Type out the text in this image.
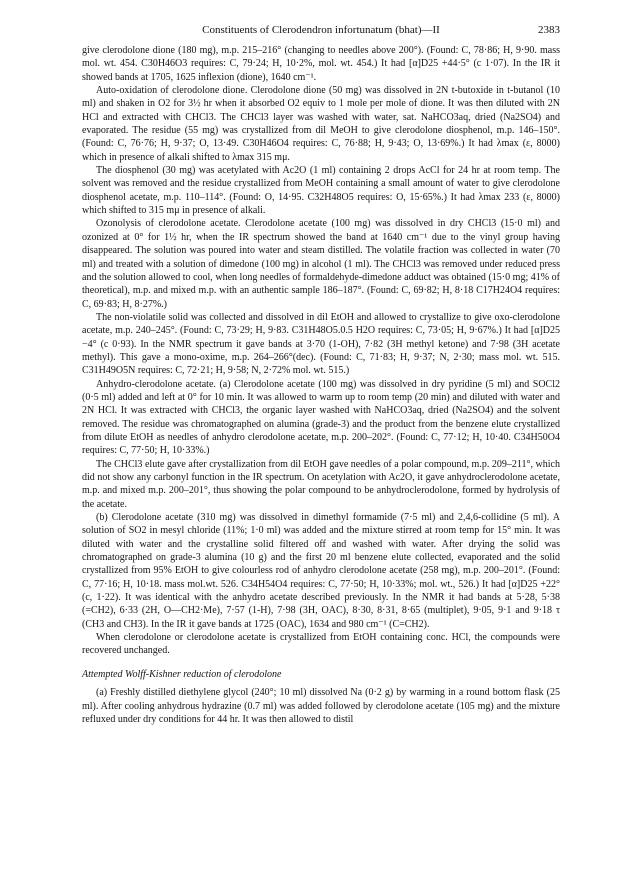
Constituents of Clerodendron infortunatum (bhat)—II	2383

give clerodolone dione (180 mg), m.p. 215–216° (changing to needles above 200°). (Found: C, 78·86; H, 9·90. mass mol. wt. 454. C30H46O3 requires: C, 79·24; H, 10·2%, mol. wt. 454.) It had [α]D25 +44·5° (c 1·07). In the IR it showed bands at 1705, 1625 inflexion (dione), 1640 cm⁻¹.

Auto-oxidation of clerodolone dione. Clerodolone dione (50 mg) was dissolved in 2N t-butoxide in t-butanol (10 ml) and shaken in O2 for 3½ hr when it absorbed O2 equiv to 1 mole per mole of dione. It was then diluted with 2N HCl and extracted with CHCl3. The CHCl3 layer was washed with water, sat. NaHCO3aq, dried (Na2SO4) and evaporated. The residue (55 mg) was crystallized from dil MeOH to give clerodolone diosphenol, m.p. 146–150°. (Found: C, 76·76; H, 9·37; O, 13·49. C30H46O4 requires: C, 76·88; H, 9·43; O, 13·69%.) It had λmax (ε, 8000) which in presence of alkali shifted to λmax 315 mμ.

The diosphenol (30 mg) was acetylated with Ac2O (1 ml) containing 2 drops AcCl for 24 hr at room temp. The solvent was removed and the residue crystallized from MeOH containing a small amount of water to give clerodolone diosphenol acetate, m.p. 110–114°. (Found: O, 14·95. C32H48O5 requires: O, 15·65%.) It had λmax 233 (ε, 8000) which shifted to 315 mμ in presence of alkali.

Ozonolysis of clerodolone acetate. Clerodolone acetate (100 mg) was dissolved in dry CHCl3 (15·0 ml) and ozonized at 0° for 1½ hr, when the IR spectrum showed the band at 1640 cm⁻¹ due to the vinyl group having disappeared. The solution was poured into water and steam distilled. The volatile fraction was collected in water (70 ml) and treated with a solution of dimedone (100 mg) in alcohol (1 ml). The CHCl3 was removed under reduced press and the solution allowed to cool, when long needles of formaldehyde-dimedone adduct was obtained (15·0 mg; 41% of theoretical), m.p. and mixed m.p. with an authentic sample 186–187°. (Found: C, 69·82; H, 8·18 C17H24O4 requires: C, 69·83; H, 8·27%.)

The non-violatile solid was collected and dissolved in dil EtOH and allowed to crystallize to give oxo-clerodolone acetate, m.p. 240–245°. (Found: C, 73·29; H, 9·83. C31H48O5.0.5 H2O requires: C, 73·05; H, 9·67%.) It had [α]D25 −4° (c 0·93). In the NMR spectrum it gave bands at 3·70 (1-OH), 7·82 (3H methyl ketone) and 7·98 (3H acetate methyl). This gave a mono-oxime, m.p. 264–266°(dec). (Found: C, 71·83; H, 9·37; N, 2·30; mass mol. wt. 515. C31H49O5N requires: C, 72·21; H, 9·58; N, 2·72% mol. wt. 515.)

Anhydro-clerodolone acetate. (a) Clerodolone acetate (100 mg) was dissolved in dry pyridine (5 ml) and SOCl2 (0·5 ml) added and left at 0° for 10 min. It was allowed to warm up to room temp (20 min) and diluted with water and 2N HCl. It was extracted with CHCl3, the organic layer washed with NaHCO3aq, dried (Na2SO4) and the solvent removed. The residue was chromatographed on alumina (grade-3) and the product from the benzene elute crystallized from dilute EtOH as needles of anhydro clerodolone acetate, m.p. 200–202°. (Found: C, 77·12; H, 10·40. C34H50O4 requires: C, 77·50; H, 10·33%.)

The CHCl3 elute gave after crystallization from dil EtOH gave needles of a polar compound, m.p. 209–211°, which did not show any carbonyl function in the IR spectrum. On acetylation with Ac2O, it gave anhydroclerodolone acetate, m.p. and mixed m.p. 200–201°, thus showing the polar compound to be anhydroclerodolone, formed by hydrolysis of the acetate.

(b) Clerodolone acetate (310 mg) was dissolved in dimethyl formamide (7·5 ml) and 2,4,6-collidine (5 ml). A solution of SO2 in mesyl chloride (11%; 1·0 ml) was added and the mixture stirred at room temp for 15° min. It was diluted with water and the crystalline solid filtered off and washed with water. After drying the solid was chromatographed on grade-3 alumina (10 g) and the first 20 ml benzene elute collected, evaporated and the solid crystallized from 95% EtOH to give colourless rod of anhydro clerodolone acetate (258 mg), m.p. 200–201°. (Found: C, 77·16; H, 10·18. mass mol.wt. 526. C34H54O4 requires: C, 77·50; H, 10·33%; mol. wt., 526.) It had [α]D25 +22° (c, 1·22). It was identical with the anhydro acetate described previously. In the NMR it had bands at 5·28, 5·38 (=CH2), 6·33 (2H, O—CH2·Me), 7·57 (1-H), 7·98 (3H, OAC), 8·30, 8·31, 8·65 (multiplet), 9·05, 9·1 and 9·18 τ (CH3 and CH3). In the IR it gave bands at 1725 (OAC), 1634 and 980 cm⁻¹ (C=CH2).

When clerodolone or clerodolone acetate is crystallized from EtOH containing conc. HCl, the compounds were recovered unchanged.

Attempted Wolff-Kishner reduction of clerodolone

(a) Freshly distilled diethylene glycol (240°; 10 ml) dissolved Na (0·2 g) by warming in a round bottom flask (25 ml). After cooling anhydrous hydrazine (0.7 ml) was added followed by clerodolone acetate (105 mg) and the mixture refluxed under dry conditions for 44 hr. It was then allowed to distil
